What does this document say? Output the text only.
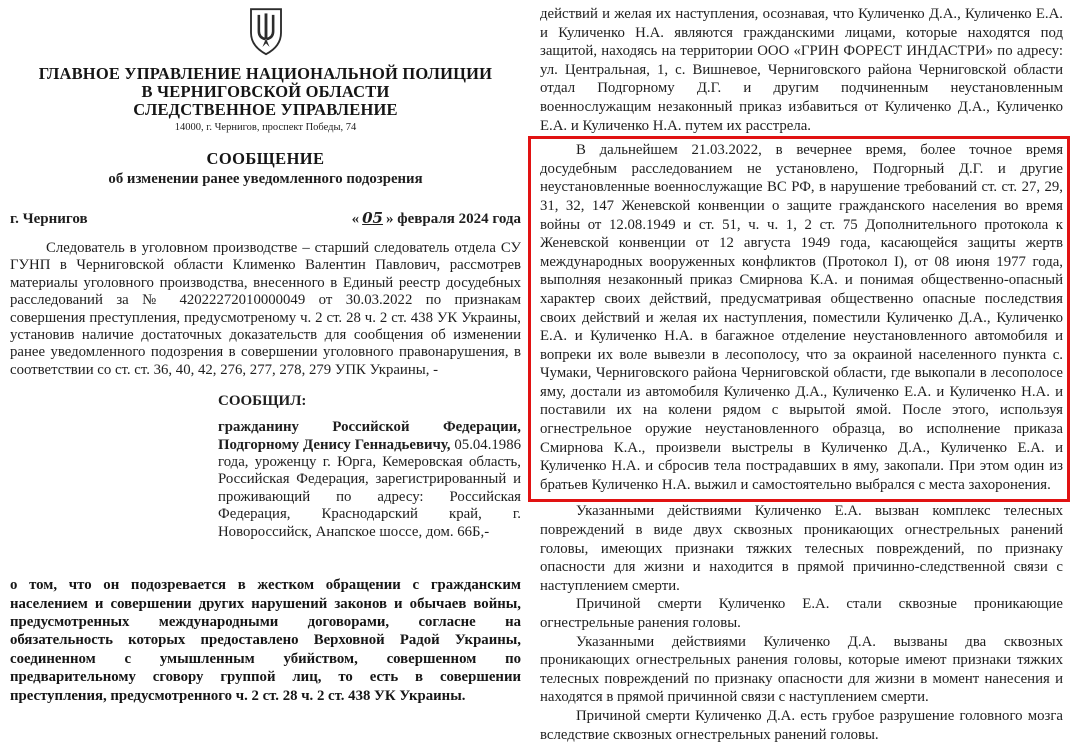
ГЛАВНОЕ УПРАВЛЕНИЕ НАЦИОНАЛЬНОЙ ПОЛИЦИИ
В ЧЕРНИГОВСКОЙ ОБЛАСТИ
СЛЕДСТВЕННОЕ УПРАВЛЕНИЕ
14000, г. Чернигов, проспект Победы, 74
СООБЩЕНИЕ
об изменении ранее уведомленного подозрения
г. Чернигов	« 05 » февраля 2024 года

Следователь в уголовном производстве – старший следователь отдела СУ ГУНП в Черниговской области Клименко Валентин Павлович, рассмотрев материалы уголовного производства, внесенного в Единый реестр досудебных расследований за № 42022272010000049 от 30.03.2022 по признакам совершения преступления, предусмотреному ч. 2 ст. 28 ч. 2 ст. 438 УК Украины, установив наличие достаточных доказательств для сообщения об изменении ранее уведомленного подозрения в совершении уголовного правонарушения, в соответствии со ст. ст. 36, 40, 42, 276, 277, 278, 279 УПК Украины, -

СООБЩИЛ:

гражданину Российской Федерации, Подгорному Денису Геннадьевичу, 05.04.1986 года, уроженцу г. Юрга, Кемеровская область, Российская Федерация, зарегистрированный и проживающий по адресу: Российская Федерация, Краснодарский край, г. Новороссийск, Анапское шоссе, дом. 66Б,-

о том, что он подозревается в жестком обращении с гражданским населением и совершении других нарушений законов и обычаев войны, предусмотренных международными договорами, согласне на обязательность которых предоставлено Верховной Радой Украины, соединенном с умышленным убийством, совершенном по предварительному сговору группой лиц, то есть в совершении преступления, предусмотренного ч. 2 ст. 28 ч. 2 ст. 438 УК Украины.

действий и желая их наступления, осознавая, что Куличенко Д.А., Куличенко Е.А. и Куличенко Н.А. являются гражданскими лицами, которые находятся под защитой, находясь на территории ООО «ГРИН ФОРЕСТ ИНДАСТРИ» по адресу: ул. Центральная, 1, с. Вишневое, Черниговского района Черниговской области отдал Подгорному Д.Г. и другим подчиненным неустановленным военнослужащим незаконный приказ избавиться от Куличенко Д.А., Куличенко Е.А. и Куличенко Н.А. путем их расстрела.

В дальнейшем 21.03.2022, в вечернее время, более точное время досудебным расследованием не установлено, Подгорный Д.Г. и другие неустановленные военнослужащие ВС РФ, в нарушение требований ст. ст. 27, 29, 31, 32, 147 Женевской конвенции о защите гражданского населения во время войны от 12.08.1949 и ст. 51, ч. ч. 1, 2 ст. 75 Дополнительного протокола к Женевской конвенции от 12 августа 1949 года, касающейся защиты жертв международных вооруженных конфликтов (Протокол I), от 08 июня 1977 года, выполняя незаконный приказ Смирнова К.А. и понимая общественно-опасный характер своих действий, предусматривая общественно опасные последствия своих действий и желая их наступления, поместили Куличенко Д.А., Куличенко Е.А. и Куличенко Н.А. в багажное отделение неустановленного автомобиля и вопреки их воле вывезли в лесополосу, что за окраиной населенного пункта с. Чумаки, Черниговского района Черниговской области, где выкопали в лесополосе яму, достали из автомобиля Куличенко Д.А., Куличенко Е.А. и Куличенко Н.А. и поставили их на колени рядом с вырытой ямой. После этого, используя огнестрельное оружие неустановленного образца, во исполнение приказа Смирнова К.А., произвели выстрелы в Куличенко Д.А., Куличенко Е.А. и Куличенко Н.А. и сбросив тела пострадавших в яму, закопали. При этом один из братьев Куличенко Н.А. выжил и самостоятельно выбрался с места захоронения.

Указанными действиями Куличенко Е.А. вызван комплекс телесных повреждений в виде двух сквозных проникающих огнестрельных ранений головы, имеющих признаки тяжких телесных повреждений, по признаку опасности для жизни и находится в прямой причинно-следственной связи с наступлением смерти.

Причиной смерти Куличенко Е.А. стали сквозные проникающие огнестрельные ранения головы.

Указанными действиями Куличенко Д.А. вызваны два сквозных проникающих огнестрельных ранения головы, которые имеют признаки тяжких телесных повреждений по признаку опасности для жизни в момент нанесения и находятся в прямой причинной связи с наступлением смерти.

Причиной смерти Куличенко Д.А. есть грубое разрушение головного мозга вследствие сквозных огнестрельных ранений головы.
